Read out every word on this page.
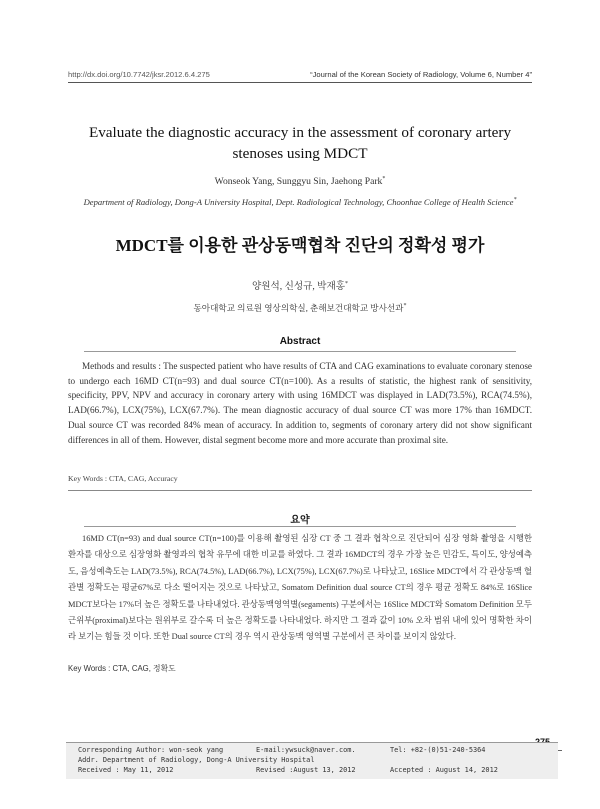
http://dx.doi.org/10.7742/jksr.2012.6.4.275	“Journal of the Korean Society of Radiology, Volume 6, Number 4”
Evaluate the diagnostic accuracy in the assessment of coronary artery
stenoses using MDCT
Wonseok Yang, Sunggyu Sin, Jaehong Park*
Department of Radiology, Dong-A University Hospital, Dept. Radiological Technology, Choonhae College of Health Science*
MDCT를 이용한 관상동맥협착 진단의 정확성 평가
양원석, 신성규, 박재홍*
동아대학교 의료원 영상의학실, 춘해보건대학교 방사선과*
Abstract
Methods and results : The suspected patient who have results of CTA and CAG examinations to evaluate coronary stenose to undergo each 16MD CT(n=93) and dual source CT(n=100). As a results of statistic, the highest rank of sensitivity, specificity, PPV, NPV and accuracy in coronary artery with using 16MDCT was displayed in LAD(73.5%), RCA(74.5%), LAD(66.7%), LCX(75%), LCX(67.7%). The mean diagnostic accuracy of dual source CT was more 17% than 16MDCT. Dual source CT was recorded 84% mean of accuracy. In addition to, segments of coronary artery did not show significant differences in all of them. However, distal segment become more and more accurate than proximal site.
Key Words : CTA, CAG, Accuracy
요약
16MD CT(n=93) and dual source CT(n=100)를 이용해 촬영된 심장 CT 중 그 결과 협착으로 진단되어 심장 영화 촬영을 시행한 환자를 대상으로 심장영화 촬영과의 협착 유무에 대한 비교를 하였다. 그 결과 16MDCT의 경우 가장 높은 민감도, 특이도, 양성예측도, 음성예측도는 LAD(73.5%), RCA(74.5%), LAD(66.7%), LCX(75%), LCX(67.7%)로 나타났고, 16Slice MDCT에서 각 관상동맥 혈관별 정확도는 평균67%로 다소 떨어지는 것으로 나타났고, Somatom Definition dual source CT의 경우 평균 정확도 84%로 16Slice MDCT보다는 17%더 높은 정확도를 나타내었다. 관상동맥영역별(segaments) 구분에서는 16Slice MDCT와 Somatom Definition 모두 근위부(proximal)보다는 원위부로 갈수록 더 높은 정확도를 나타내었다. 하지만 그 결과 값이 10% 오차 범위 내에 있어 명확한 차이라 보기는 힘들 것 이다. 또한 Dual source CT의 경우 역시 관상동맥 영역별 구분에서 큰 차이를 보이지 않았다.
Key Words : CTA, CAG, 정확도
Corresponding Author: won-seok yang	E-mail:ywsuck@naver.com.	Tel: +82-(0)51-240-5364
Addr. Department of Radiology, Dong-A University Hospital
Received : May 11, 2012	Revised :August 13, 2012	Accepted : August 14, 2012
